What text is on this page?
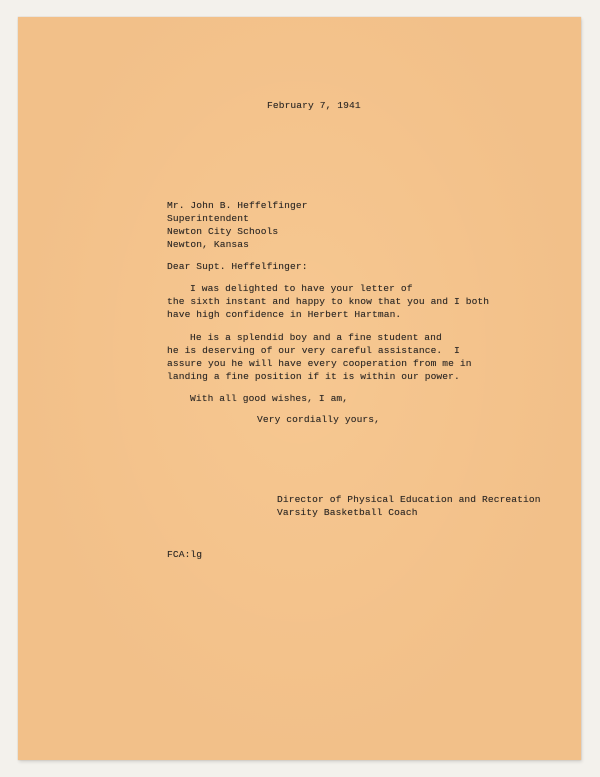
February 7, 1941
Mr. John B. Heffelfinger
Superintendent
Newton City Schools
Newton, Kansas
Dear Supt. Heffelfinger:
I was delighted to have your letter of
the sixth instant and happy to know that you and I both
have high confidence in Herbert Hartman.
He is a splendid boy and a fine student and
he is deserving of our very careful assistance.  I
assure you he will have every cooperation from me in
landing a fine position if it is within our power.
With all good wishes, I am,
Very cordially yours,
Director of Physical Education and Recreation
Varsity Basketball Coach
FCA:lg
